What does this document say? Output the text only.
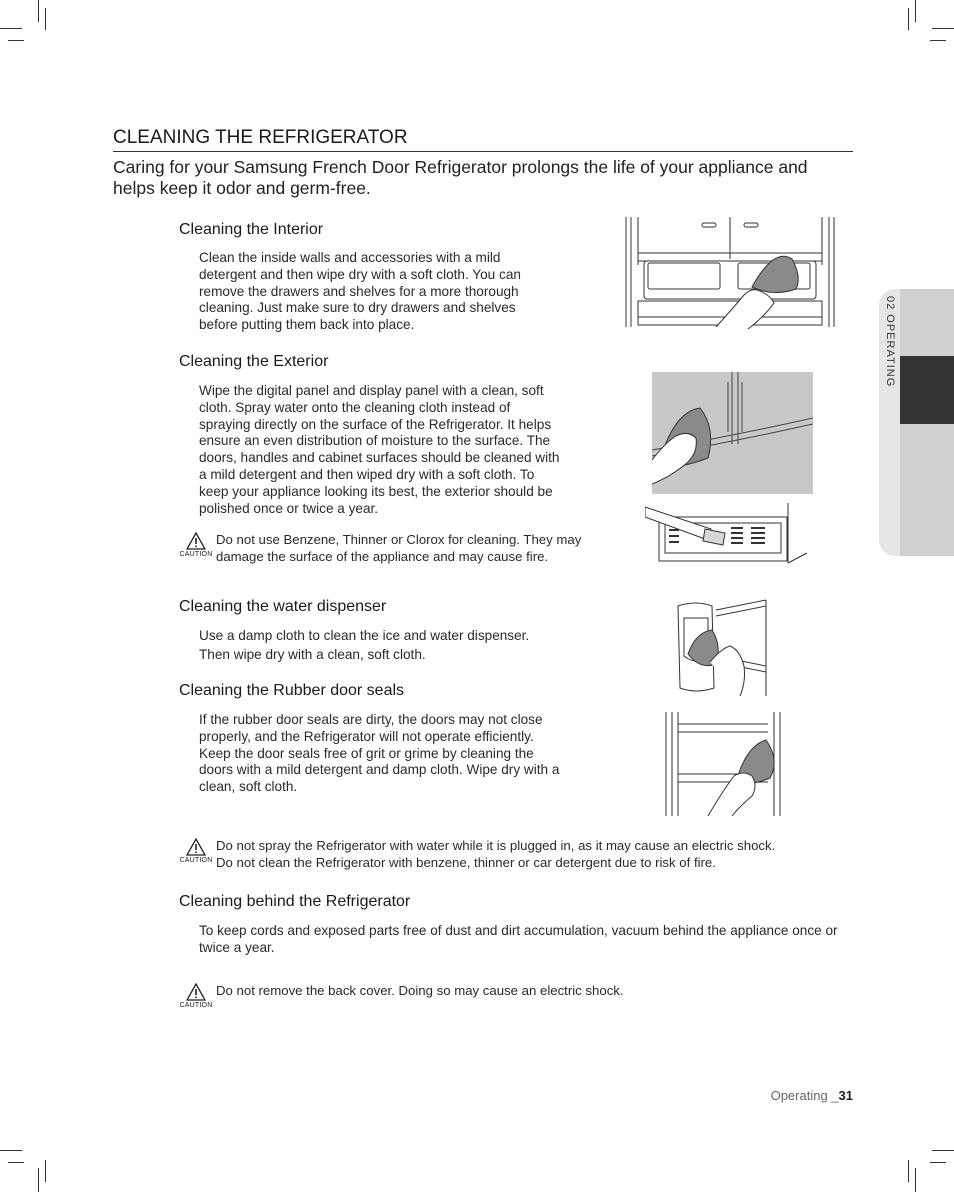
02 OPERATING
CLEANING THE REFRIGERATOR

Caring for your Samsung French Door Refrigerator prolongs the life of your appliance and helps keep it odor and germ-free.

Cleaning the Interior

Clean the inside walls and accessories with a mild detergent and then wipe dry with a soft cloth. You can remove the drawers and shelves for a more thorough cleaning. Just make sure to dry drawers and shelves before putting them back into place.

Cleaning the Exterior

Wipe the digital panel and display panel with a clean, soft cloth. Spray water onto the cleaning cloth instead of spraying directly on the surface of the Refrigerator. It helps ensure an even distribution of moisture to the surface. The doors, handles and cabinet surfaces should be cleaned with a mild detergent and then wiped dry with a soft cloth. To keep your appliance looking its best, the exterior should be polished once or twice a year.

CAUTION
Do not use Benzene, Thinner or Clorox for cleaning. They may damage the surface of the appliance and may cause fire.
Cleaning the water dispenser

Use a damp cloth to clean the ice and water dispenser.

Then wipe dry with a clean, soft cloth.

Cleaning the Rubber door seals

If the rubber door seals are dirty, the doors may not close properly, and the Refrigerator will not operate efficiently. Keep the door seals free of grit or grime by cleaning the doors with a mild detergent and damp cloth. Wipe dry with a clean, soft cloth.

CAUTION
Do not spray the Refrigerator with water while it is plugged in, as it may cause an electric shock.
Do not clean the Refrigerator with benzene, thinner or car detergent due to risk of fire.
Cleaning behind the Refrigerator

To keep cords and exposed parts free of dust and dirt accumulation, vacuum behind the appliance once or twice a year.

CAUTION
Do not remove the back cover. Doing so may cause an electric shock.
Operating _31
